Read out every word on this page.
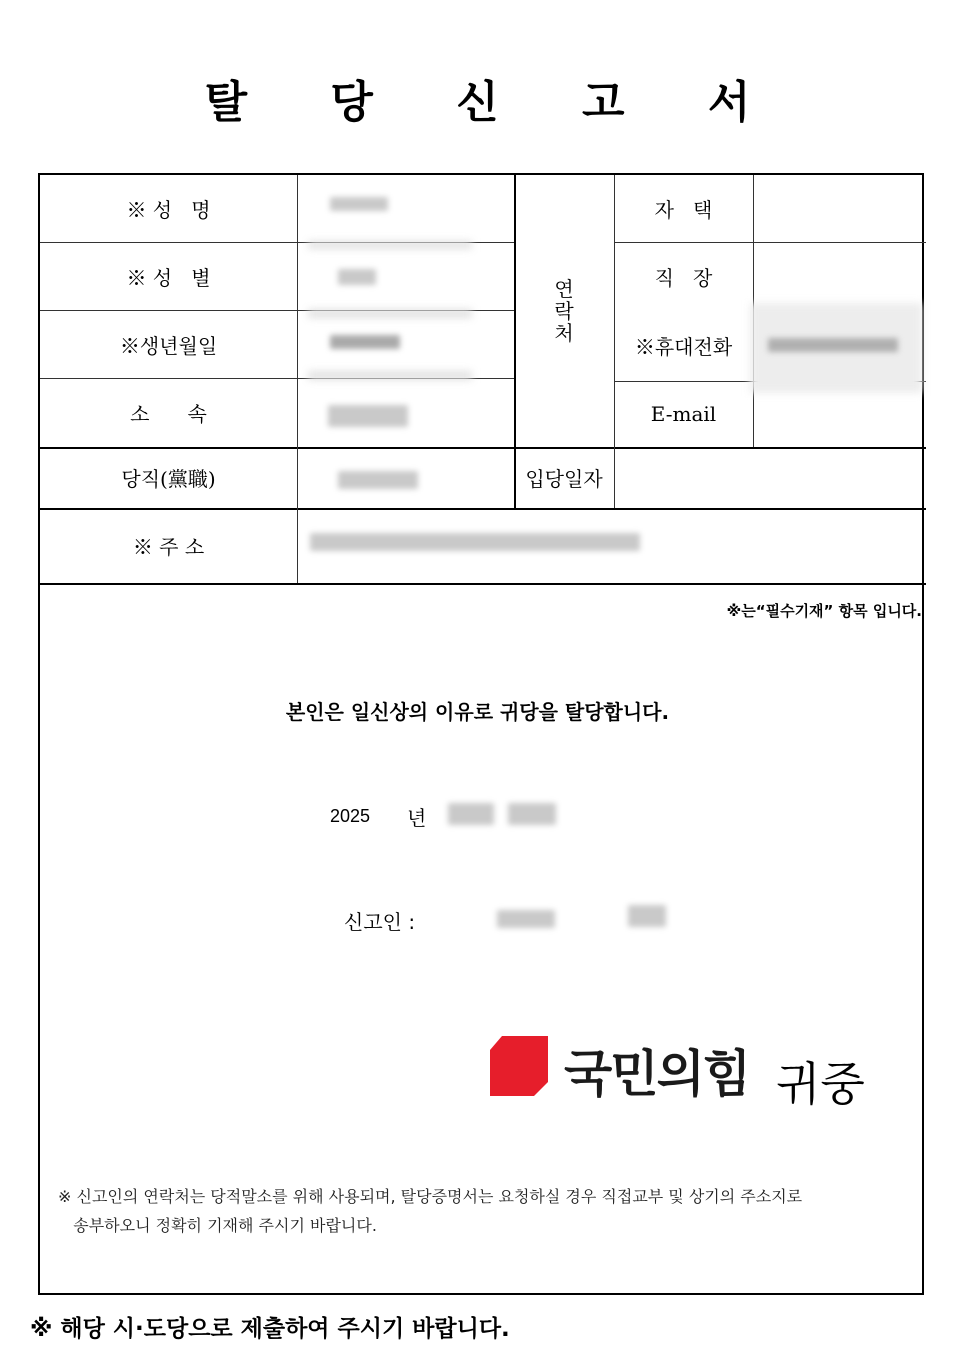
탈 당 신 고 서
※ 성   명
※ 성   별
※생년월일
소      속
당직(黨職)
※ 주 소
연
락
처
자   택
직   장
※휴대전화
E-mail
입당일자
※는“필수기재” 항목 입니다.
본인은 일신상의 이유로 귀당을 탈당합니다.
2025 년
신고인 :
국민의힘 귀중
※ 신고인의 연락처는 당적말소를 위해 사용되며, 탈당증명서는 요청하실 경우 직접교부 및 상기의 주소지로
송부하오니 정확히 기재해 주시기 바랍니다.
※ 해당 시·도당으로 제출하여 주시기 바랍니다.
